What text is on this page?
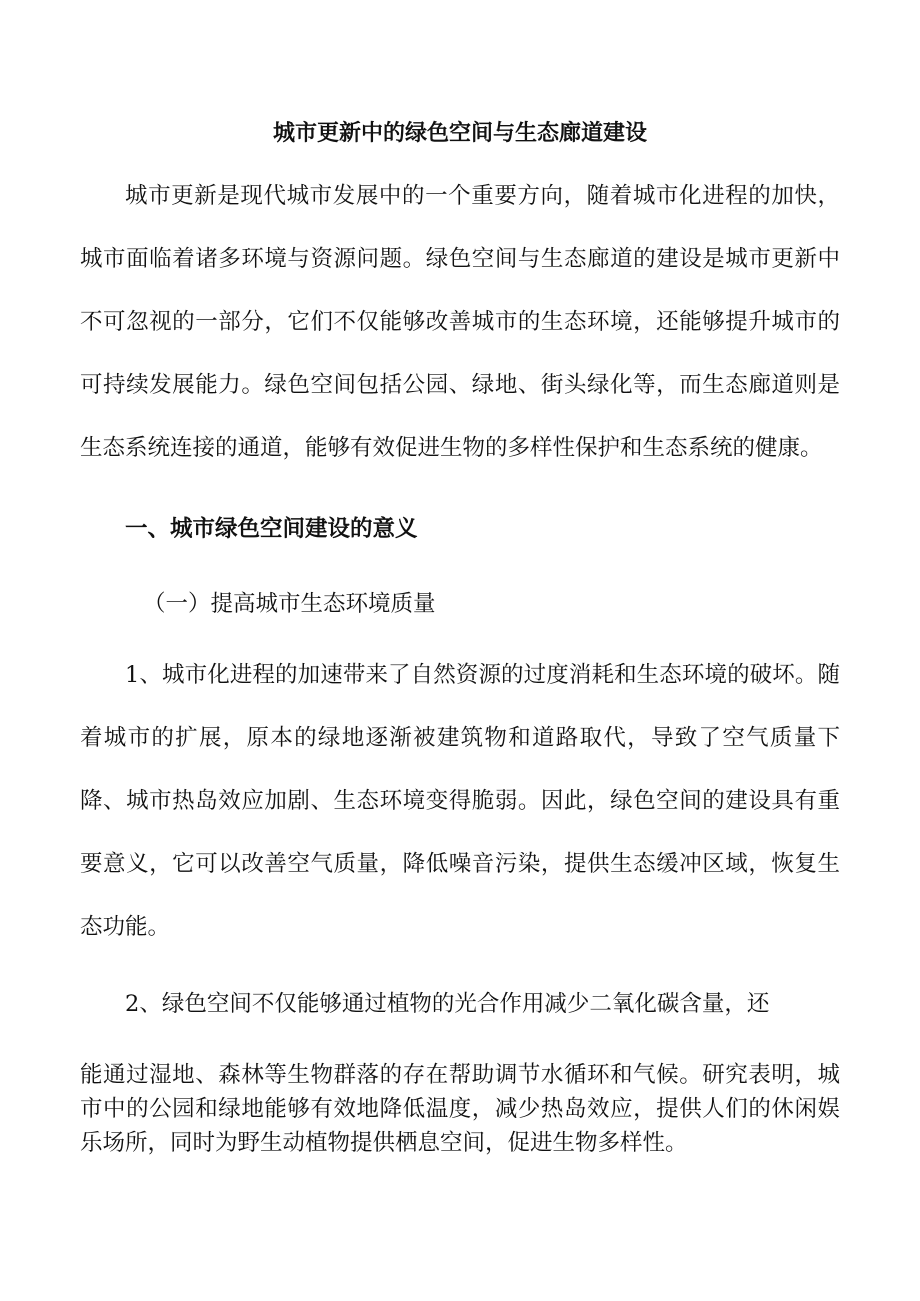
城市更新中的绿色空间与生态廊道建设

城市更新是现代城市发展中的一个重要方向，随着城市化进程的加快，城市面临着诸多环境与资源问题。绿色空间与生态廊道的建设是城市更新中不可忽视的一部分，它们不仅能够改善城市的生态环境，还能够提升城市的可持续发展能力。绿色空间包括公园、绿地、街头绿化等，而生态廊道则是生态系统连接的通道，能够有效促进生物的多样性保护和生态系统的健康。

一、城市绿色空间建设的意义
（一）提高城市生态环境质量

1、城市化进程的加速带来了自然资源的过度消耗和生态环境的破坏。随着城市的扩展，原本的绿地逐渐被建筑物和道路取代，导致了空气质量下降、城市热岛效应加剧、生态环境变得脆弱。因此，绿色空间的建设具有重要意义，它可以改善空气质量，降低噪音污染，提供生态缓冲区域，恢复生态功能。

2、绿色空间不仅能够通过植物的光合作用减少二氧化碳含量，还

能通过湿地、森林等生物群落的存在帮助调节水循环和气候。研究表明，城市中的公园和绿地能够有效地降低温度，减少热岛效应，提供人们的休闲娱乐场所，同时为野生动植物提供栖息空间，促进生物多样性。
